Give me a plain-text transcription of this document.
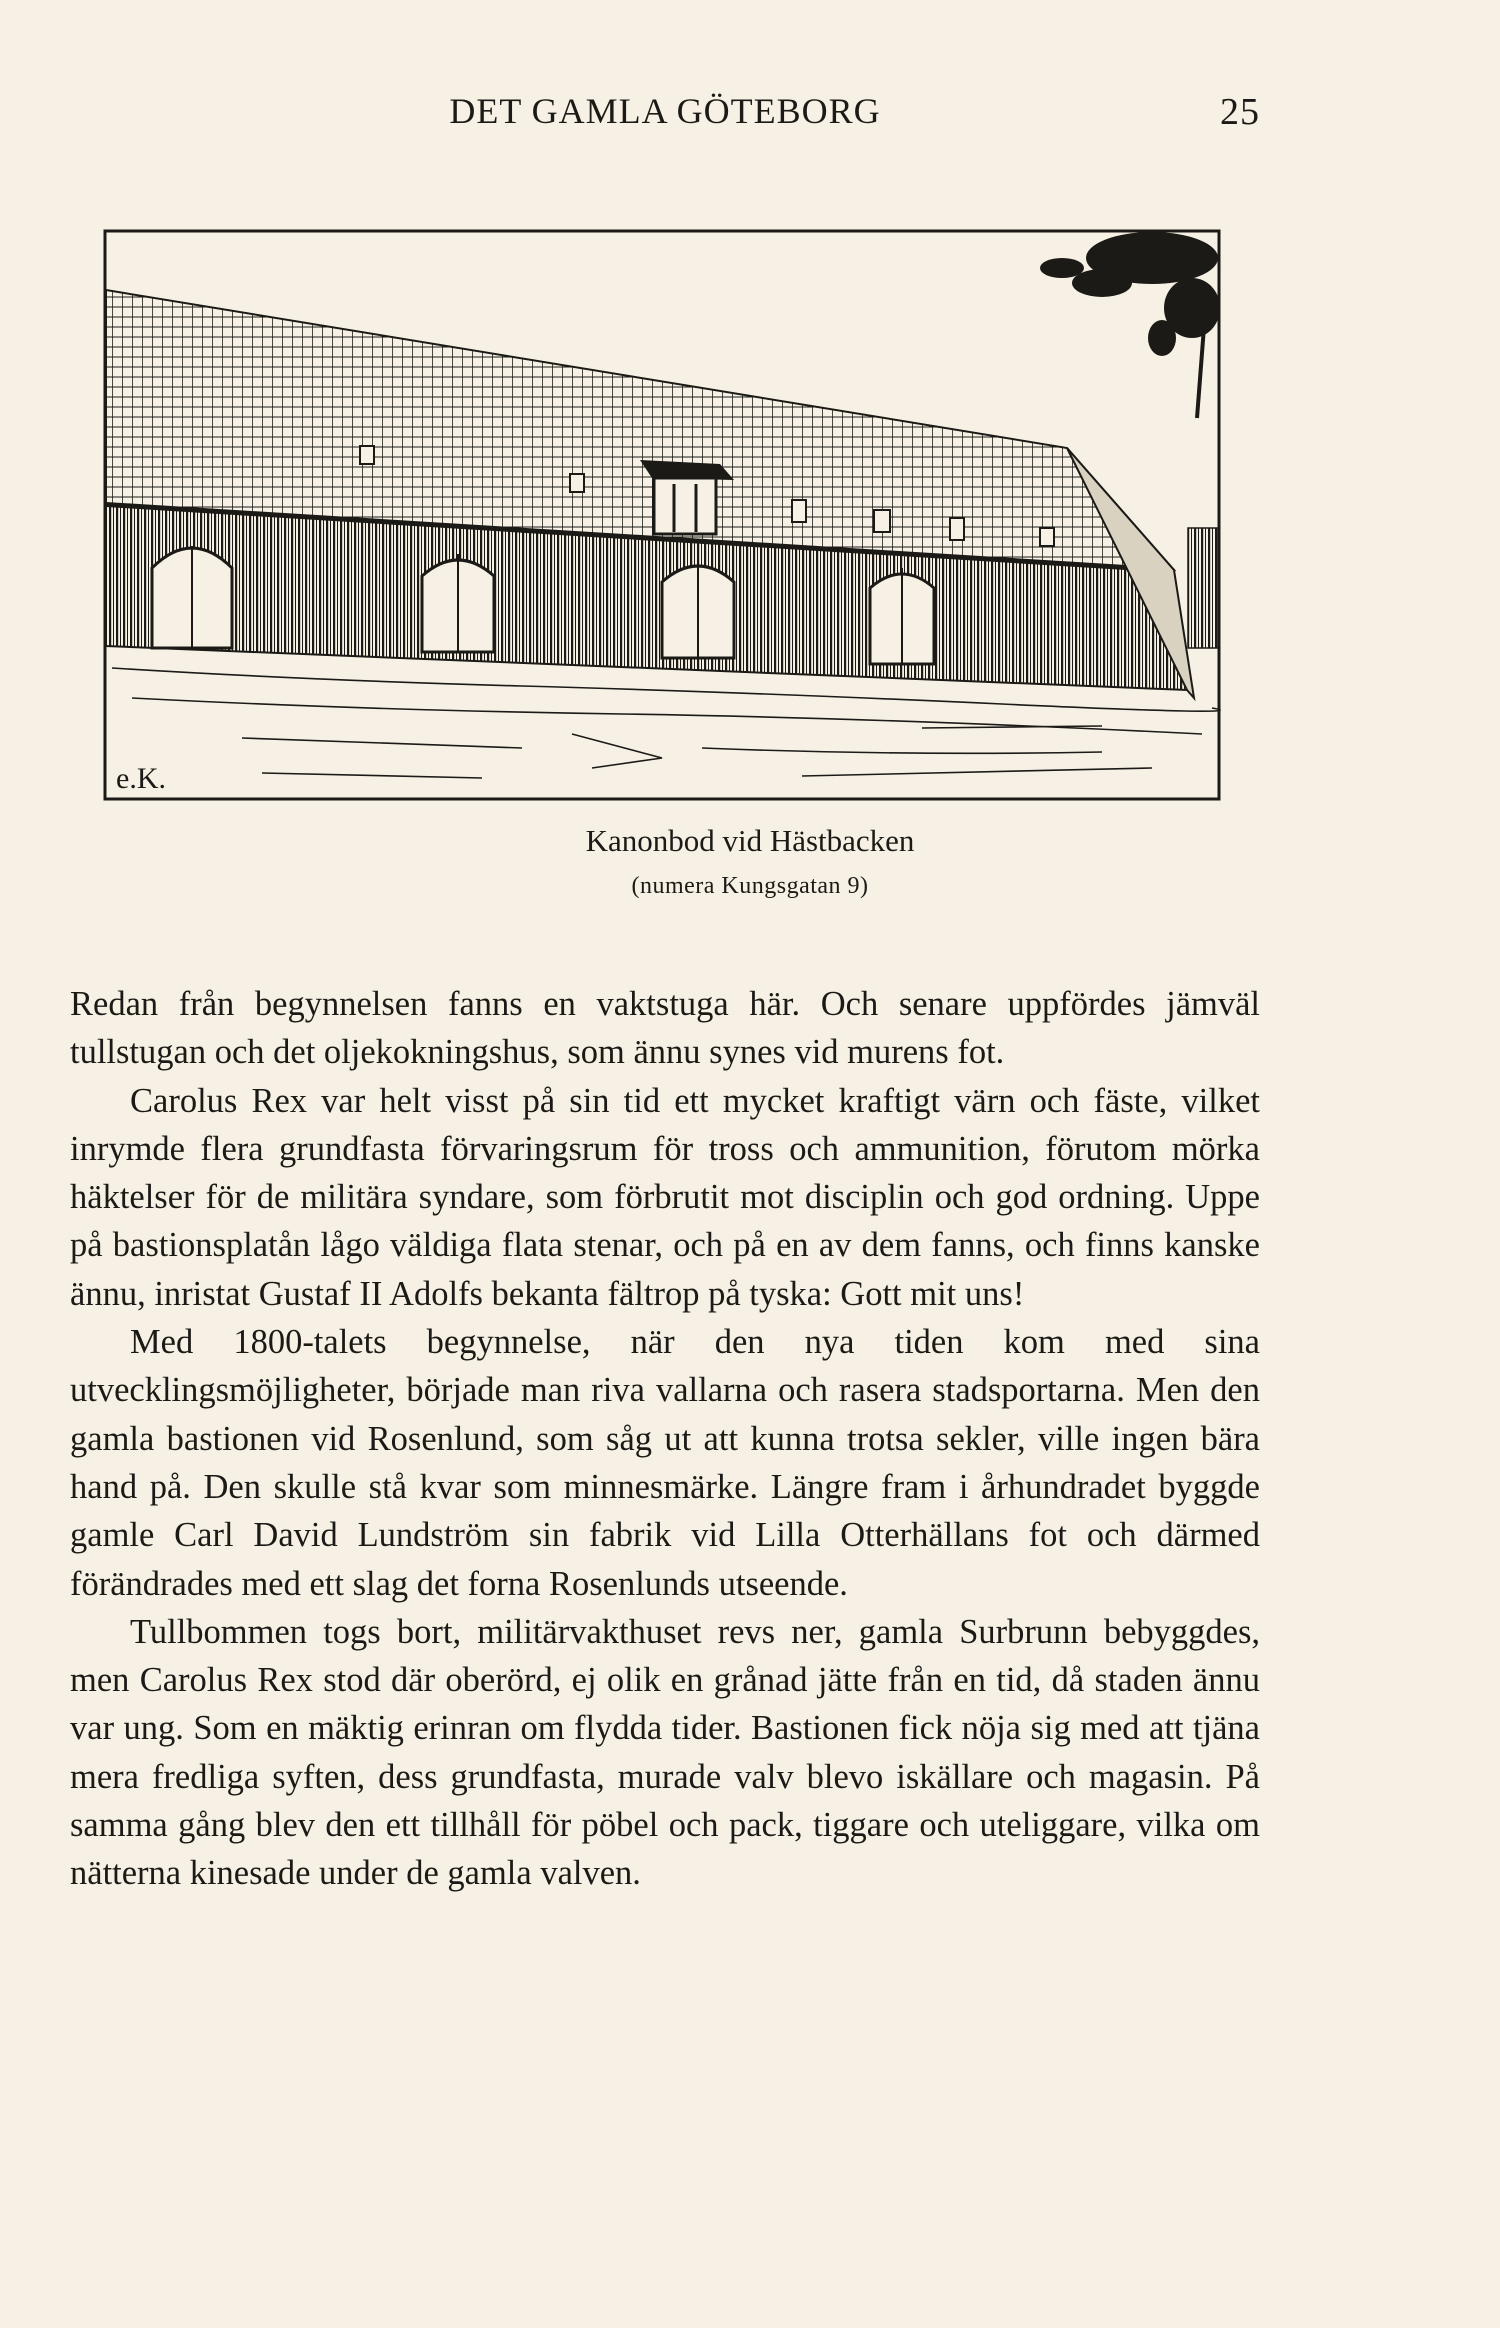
DET GAMLA GÖTEBORG	25
e.K.
Kanonbod vid Hästbacken
(numera Kungsgatan 9)

Redan från begynnelsen fanns en vaktstuga här. Och senare uppfördes jämväl tullstugan och det oljekokningshus, som ännu synes vid murens fot.

Carolus Rex var helt visst på sin tid ett mycket kraftigt värn och fäste, vilket inrymde flera grundfasta förvaringsrum för tross och ammunition, förutom mörka häktelser för de militära syndare, som förbrutit mot disciplin och god ordning. Uppe på bastionsplatån lågo väldiga flata stenar, och på en av dem fanns, och finns kanske ännu, inristat Gustaf II Adolfs bekanta fältrop på tyska: Gott mit uns!

Med 1800-talets begynnelse, när den nya tiden kom med sina utvecklingsmöjligheter, började man riva vallarna och rasera stadsportarna. Men den gamla bastionen vid Rosenlund, som såg ut att kunna trotsa sekler, ville ingen bära hand på. Den skulle stå kvar som minnesmärke. Längre fram i århundradet byggde gamle Carl David Lundström sin fabrik vid Lilla Otterhällans fot och därmed förändrades med ett slag det forna Rosenlunds utseende.

Tullbommen togs bort, militärvakthuset revs ner, gamla Surbrunn bebyggdes, men Carolus Rex stod där oberörd, ej olik en grånad jätte från en tid, då staden ännu var ung. Som en mäktig erinran om flydda tider. Bastionen fick nöja sig med att tjäna mera fredliga syften, dess grundfasta, murade valv blevo iskällare och magasin. På samma gång blev den ett tillhåll för pöbel och pack, tiggare och uteliggare, vilka om nätterna kinesade under de gamla valven.
